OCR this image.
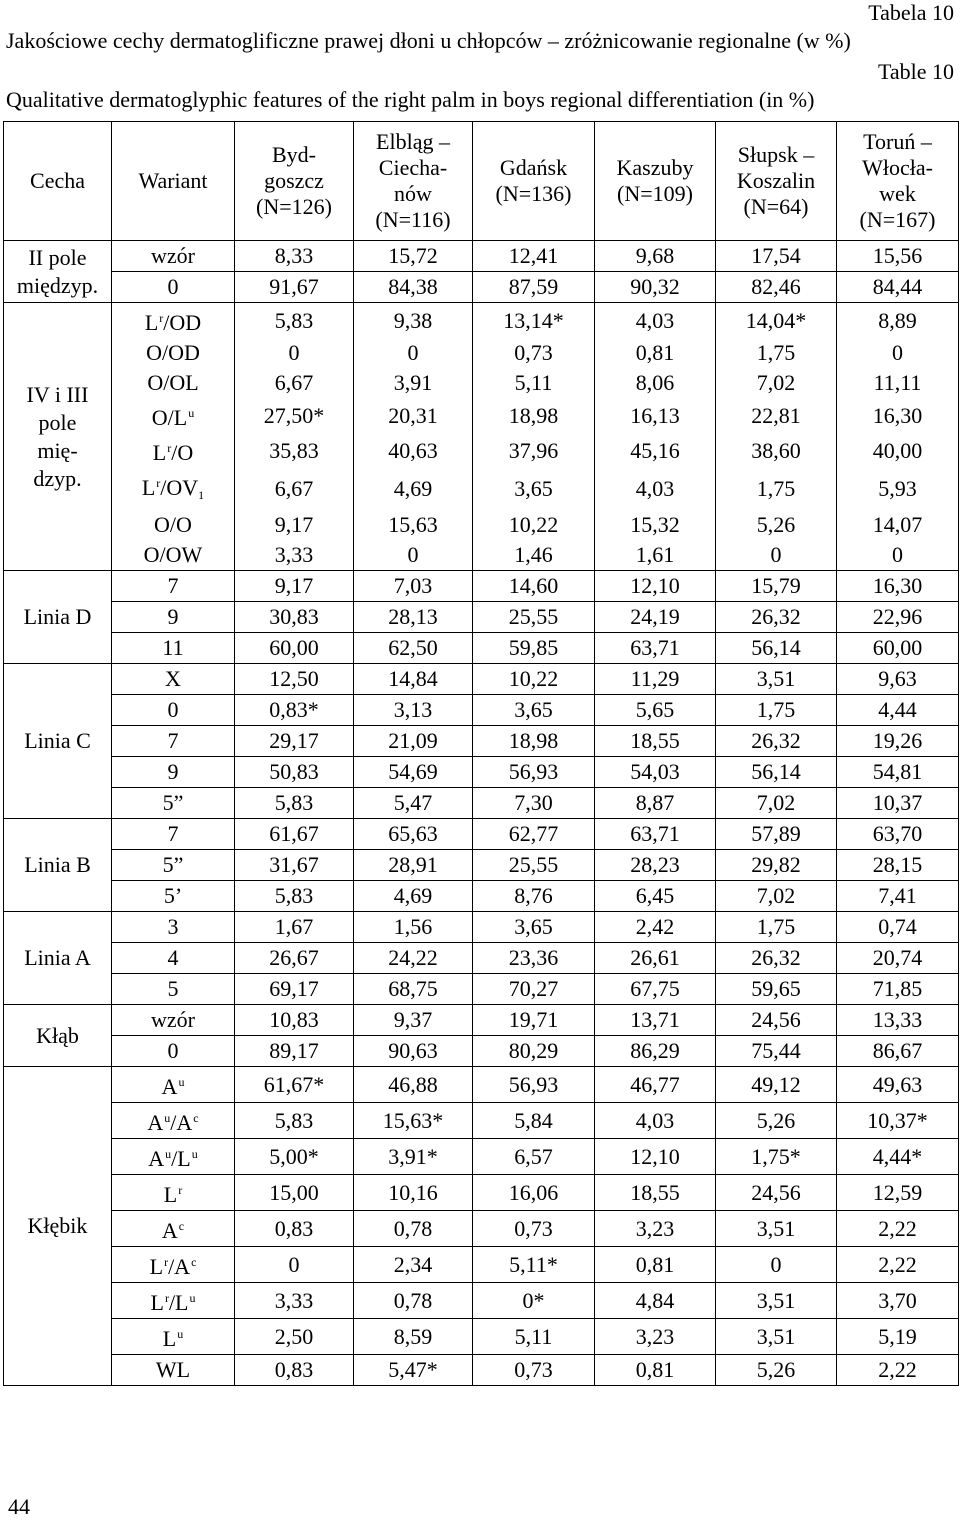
Tabela 10
Jakościowe cechy dermatoglificzne prawej dłoni u chłopców – zróżnicowanie regionalne (w %)
Table 10
Qualitative dermatoglyphic features of the right palm in boys regional differentiation (in %)
Cecha	Wariant	Byd-
goszcz
(N=126)	Elbląg –
Ciecha-
nów
(N=116)	Gdańsk
(N=136)	Kaszuby
(N=109)	Słupsk –
Koszalin
(N=64)	Toruń –
Włocła-
wek
(N=167)
II pole
międzyp.	wzór	8,33	15,72	12,41	9,68	17,54	15,56
	0	91,67	84,38	87,59	90,32	82,46	84,44
IV i III
pole
mię-
dzyp.	$L^r/OD$	5,83	9,38	13,14*	4,03	14,04*	8,89
	O/OD	0	0	0,73	0,81	1,75	0
	O/OL	6,67	3,91	5,11	8,06	7,02	11,11
	$O/L^u$	27,50*	20,31	18,98	16,13	22,81	16,30
	$L^r/O$	35,83	40,63	37,96	45,16	38,60	40,00
	$L^r/OV_1$	6,67	4,69	3,65	4,03	1,75	5,93
	O/O	9,17	15,63	10,22	15,32	5,26	14,07
	O/OW	3,33	0	1,46	1,61	0	0
Linia D	7	9,17	7,03	14,60	12,10	15,79	16,30
	9	30,83	28,13	25,55	24,19	26,32	22,96
	11	60,00	62,50	59,85	63,71	56,14	60,00
Linia C	X	12,50	14,84	10,22	11,29	3,51	9,63
	0	0,83*	3,13	3,65	5,65	1,75	4,44
	7	29,17	21,09	18,98	18,55	26,32	19,26
	9	50,83	54,69	56,93	54,03	56,14	54,81
	5”	5,83	5,47	7,30	8,87	7,02	10,37
Linia B	7	61,67	65,63	62,77	63,71	57,89	63,70
	5”	31,67	28,91	25,55	28,23	29,82	28,15
	5’	5,83	4,69	8,76	6,45	7,02	7,41
Linia A	3	1,67	1,56	3,65	2,42	1,75	0,74
	4	26,67	24,22	23,36	26,61	26,32	20,74
	5	69,17	68,75	70,27	67,75	59,65	71,85
Kłąb	wzór	10,83	9,37	19,71	13,71	24,56	13,33
	0	89,17	90,63	80,29	86,29	75,44	86,67
Kłębik	$A^u$	61,67*	46,88	56,93	46,77	49,12	49,63
	$A^u/A^c$	5,83	15,63*	5,84	4,03	5,26	10,37*
	$A^u/L^u$	5,00*	3,91*	6,57	12,10	1,75*	4,44*
	$L^r$	15,00	10,16	16,06	18,55	24,56	12,59
	$A^c$	0,83	0,78	0,73	3,23	3,51	2,22
	$L^r/A^c$	0	2,34	5,11*	0,81	0	2,22
	$L^r/L^u$	3,33	0,78	0*	4,84	3,51	3,70
	$L^u$	2,50	8,59	5,11	3,23	3,51	5,19
	WL	0,83	5,47*	0,73	0,81	5,26	2,22
44
